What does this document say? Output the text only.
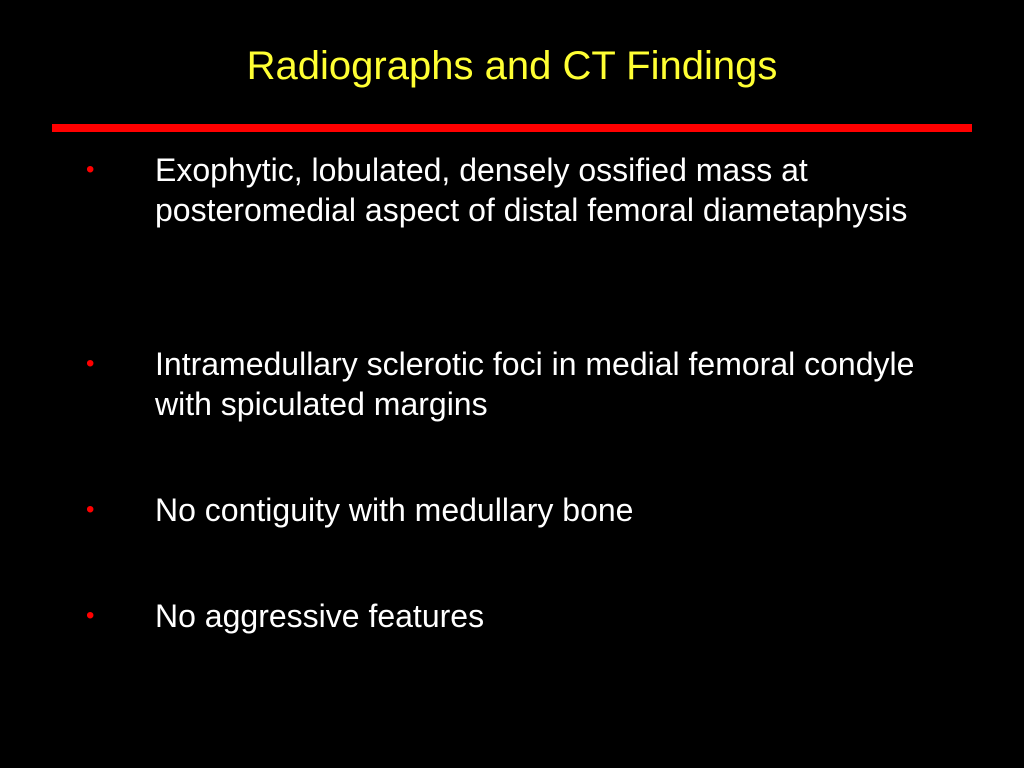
Radiographs and CT Findings
• Exophytic, lobulated, densely ossified mass at posteromedial aspect of distal femoral diametaphysis
• Intramedullary sclerotic foci in medial femoral condyle with spiculated margins
• No contiguity with medullary bone
• No aggressive features
